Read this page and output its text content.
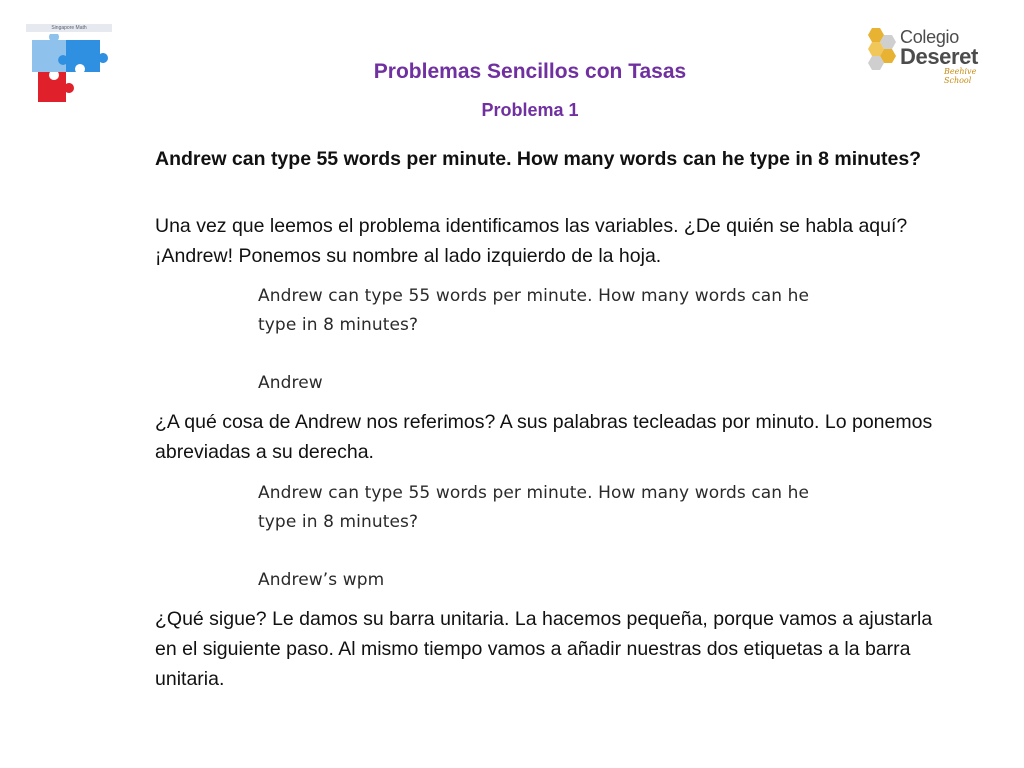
Singapore Math	Colegio
Deseret
Beehive School
Problemas Sencillos con Tasas
Problema 1

Andrew can type 55 words per minute. How many words can he type in 8 minutes?

Una vez que leemos el problema identificamos las variables. ¿De quién se habla aquí? ¡Andrew! Ponemos su nombre al lado izquierdo de la hoja.

Andrew can type 55 words per minute. How many words can he
type in 8 minutes?
Andrew

¿A qué cosa de Andrew nos referimos? A sus palabras tecleadas por minuto. Lo ponemos abreviadas a su derecha.

Andrew can type 55 words per minute. How many words can he
type in 8 minutes?
Andrew’s wpm

¿Qué sigue? Le damos su barra unitaria. La hacemos pequeña, porque vamos a ajustarla en el siguiente paso. Al mismo tiempo vamos a añadir nuestras dos etiquetas a la barra unitaria.
